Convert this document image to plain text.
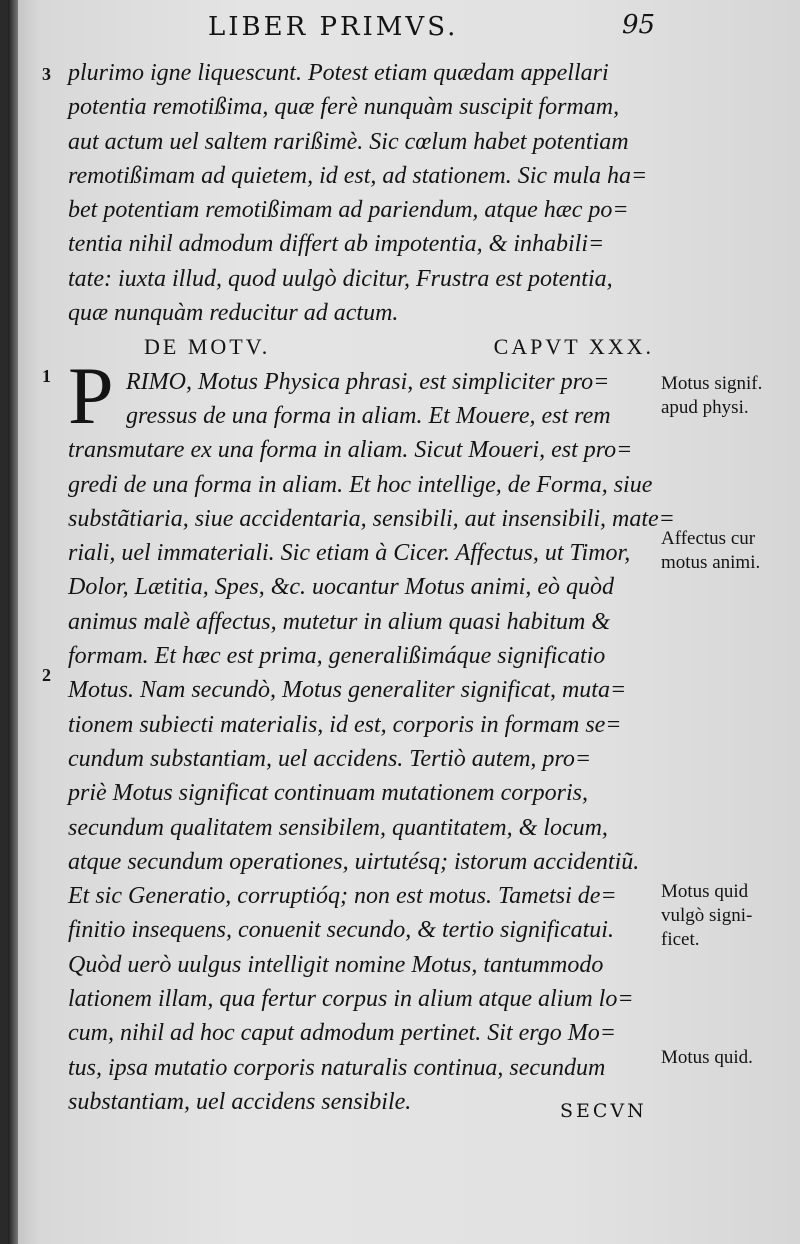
LIBER PRIMVS.	95
3
1
2
plurimo igne liquescunt. Potest etiam quædam appellari
potentia remotißima, quæ ferè nunquàm suscipit formam,
aut actum uel saltem rarißimè. Sic cœlum habet potentiam
remotißimam ad quietem, id est, ad stationem. Sic mula ha=
bet potentiam remotißimam ad pariendum, atque hæc po=
tentia nihil admodum differt ab impotentia, & inhabili=
tate: iuxta illud, quod uulgò dicitur, Frustra est potentia,
quæ nunquàm reducitur ad actum.
DE MOTV.	CAPVT XXX.
P RIMO, Motus Physica phrasi, est simpliciter pro=
gressus de una forma in aliam. Et Mouere, est rem
transmutare ex una forma in aliam. Sicut Moueri, est pro=
gredi de una forma in aliam. Et hoc intellige, de Forma, siue
substãtiaria, siue accidentaria, sensibili, aut insensibili, mate=
riali, uel immateriali. Sic etiam à Cicer. Affectus, ut Timor,
Dolor, Lætitia, Spes, &c. uocantur Motus animi, eò quòd
animus malè affectus, mutetur in alium quasi habitum &
formam. Et hæc est prima, generalißimáque significatio
Motus. Nam secundò, Motus generaliter significat, muta=
tionem subiecti materialis, id est, corporis in formam se=
cundum substantiam, uel accidens. Tertiò autem, pro=
priè Motus significat continuam mutationem corporis,
secundum qualitatem sensibilem, quantitatem, & locum,
atque secundum operationes, uirtutésq; istorum accidentiũ.
Et sic Generatio, corruptióq; non est motus. Tametsi de=
finitio insequens, conuenit secundo, & tertio significatui.
Quòd uerò uulgus intelligit nomine Motus, tantummodo
lationem illam, qua fertur corpus in alium atque alium lo=
cum, nihil ad hoc caput admodum pertinet. Sit ergo Mo=
tus, ipsa mutatio corporis naturalis continua, secundum
substantiam, uel accidens sensibile.
Motus signif.
apud physi.
Affectus cur
motus animi.
Motus quid
vulgò signi-
ficet.
Motus quid.
SECVN
